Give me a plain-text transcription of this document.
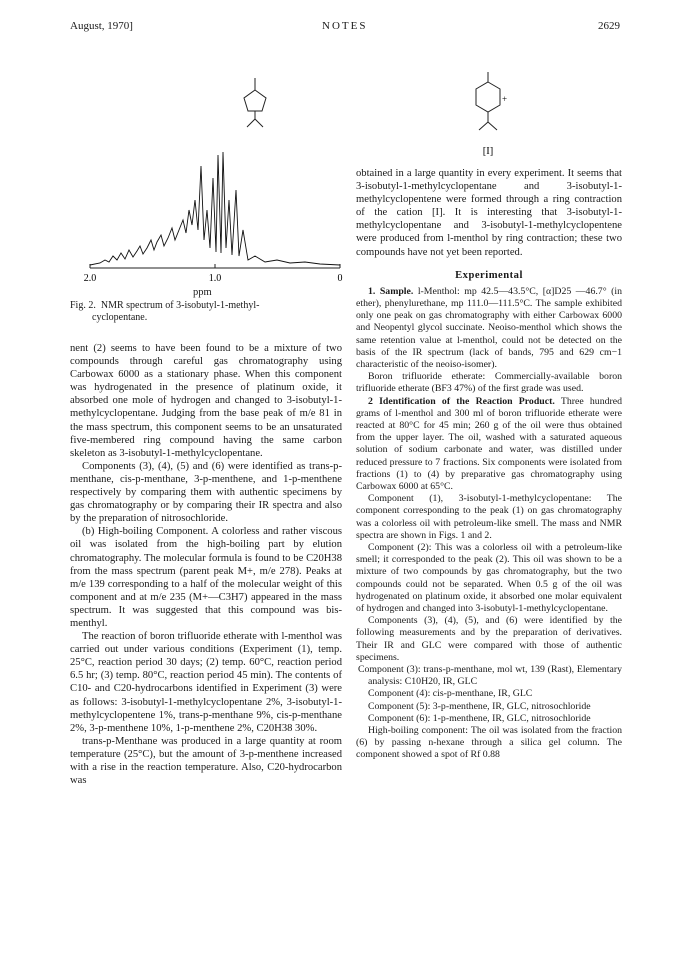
August, 1970]	NOTES	2629
2.0	1.0	0
ppm
Fig. 2. NMR spectrum of 3-isobutyl-1-methyl-
cyclopentane.
+
[I]

nent (2) seems to have been found to be a mixture of two compounds through careful gas chromatography using Carbowax 6000 as a stationary phase. When this component was hydrogenated in the presence of platinum oxide, it absorbed one mole of hydrogen and changed to 3-isobutyl-1-methylcyclopentane. Judging from the base peak of m/e 81 in the mass spectrum, this component seems to be an unsaturated five-membered ring compound having the same carbon skeleton as 3-isobutyl-1-methylcyclopentane.

Components (3), (4), (5) and (6) were identified as trans-p-menthane, cis-p-menthane, 3-p-menthene, and 1-p-menthene respectively by comparing them with authentic specimens by gas chromatography or by comparing their IR spectra and also by the preparation of nitrosochloride.

(b) High-boiling Component. A colorless and rather viscous oil was isolated from the high-boiling part by elution chromatography. The molecular formula is found to be C20H38 from the mass spectrum (parent peak M+, m/e 278). Peaks at m/e 139 corresponding to a half of the molecular weight of this component and at m/e 235 (M+—C3H7) appeared in the mass spectrum. It was suggested that this compound was bis-menthyl.

The reaction of boron trifluoride etherate with l-menthol was carried out under various conditions (Experiment (1), temp. 25°C, reaction period 30 days; (2) temp. 60°C, reaction period 6.5 hr; (3) temp. 80°C, reaction period 45 min). The contents of C10- and C20-hydrocarbons identified in Experiment (3) were as follows: 3-isobutyl-1-methylcyclopentane 2%, 3-isobutyl-1-methylcyclopentene 1%, trans-p-menthane 9%, cis-p-menthane 2%, 3-p-menthene 10%, 1-p-menthene 2%, C20H38 30%.

trans-p-Menthane was produced in a large quantity at room temperature (25°C), but the amount of 3-p-menthene increased with a rise in the reaction temperature. Also, C20-hydrocarbon was

obtained in a large quantity in every experiment. It seems that 3-isobutyl-1-methylcyclopentane and 3-isobutyl-1-methylcyclopentene were formed through a ring contraction of the cation [I]. It is interesting that 3-isobutyl-1-methylcyclopentane and 3-isobutyl-1-methylcyclopentene were produced from l-menthol by ring contraction; these two compounds have not yet been reported.

Experimental

1. Sample. l-Menthol: mp 42.5—43.5°C, [α]D25 —46.7° (in ether), phenylurethane, mp 111.0—111.5°C. The sample exhibited only one peak on gas chromatography with either Carbowax 6000 and Neopentyl glycol succinate. Neoiso-menthol which shows the same retention value at l-menthol, could not be detected on the basis of the IR spectrum (lack of bands, 795 and 629 cm−1 characteristic of the neoiso-isomer).

Boron trifluoride etherate: Commercially-available boron trifluoride etherate (BF3 47%) of the first grade was used.

2 Identification of the Reaction Product. Three hundred grams of l-menthol and 300 ml of boron trifluoride etherate were reacted at 80°C for 45 min; 260 g of the oil were thus obtained from the upper layer. The oil, washed with a saturated aqueous solution of sodium carbonate and water, was distilled under reduced pressure to 7 fractions. Six components were isolated from fractions (1) to (4) by preparative gas chromatography using Carbowax 6000 at 65°C.

Component (1), 3-isobutyl-1-methylcyclopentane: The component corresponding to the peak (1) on gas chromatography was a colorless oil with petroleum-like smell. The mass and NMR spectra are shown in Figs. 1 and 2.

Component (2): This was a colorless oil with a petroleum-like smell; it corresponded to the peak (2). This oil was shown to be a mixture of two compounds by gas chromatography, but the two compounds could not be separated. When 0.5 g of the oil was hydrogenated on platinum oxide, it absorbed one molar equivalent of hydrogen and changed into 3-isobutyl-1-methylcyclopentane.

Components (3), (4), (5), and (6) were identified by the following measurements and by the preparation of derivatives. Their IR and GLC were compared with those of authentic specimens.

Component (3): trans-p-menthane, mol wt, 139 (Rast), Elementary analysis: C10H20, IR, GLC

Component (4): cis-p-menthane, IR, GLC

Component (5): 3-p-menthene, IR, GLC, nitrosochloride

Component (6): 1-p-menthene, IR, GLC, nitrosochloride

High-boiling component: The oil was isolated from the fraction (6) by passing n-hexane through a silica gel column. The component showed a spot of Rf 0.88
